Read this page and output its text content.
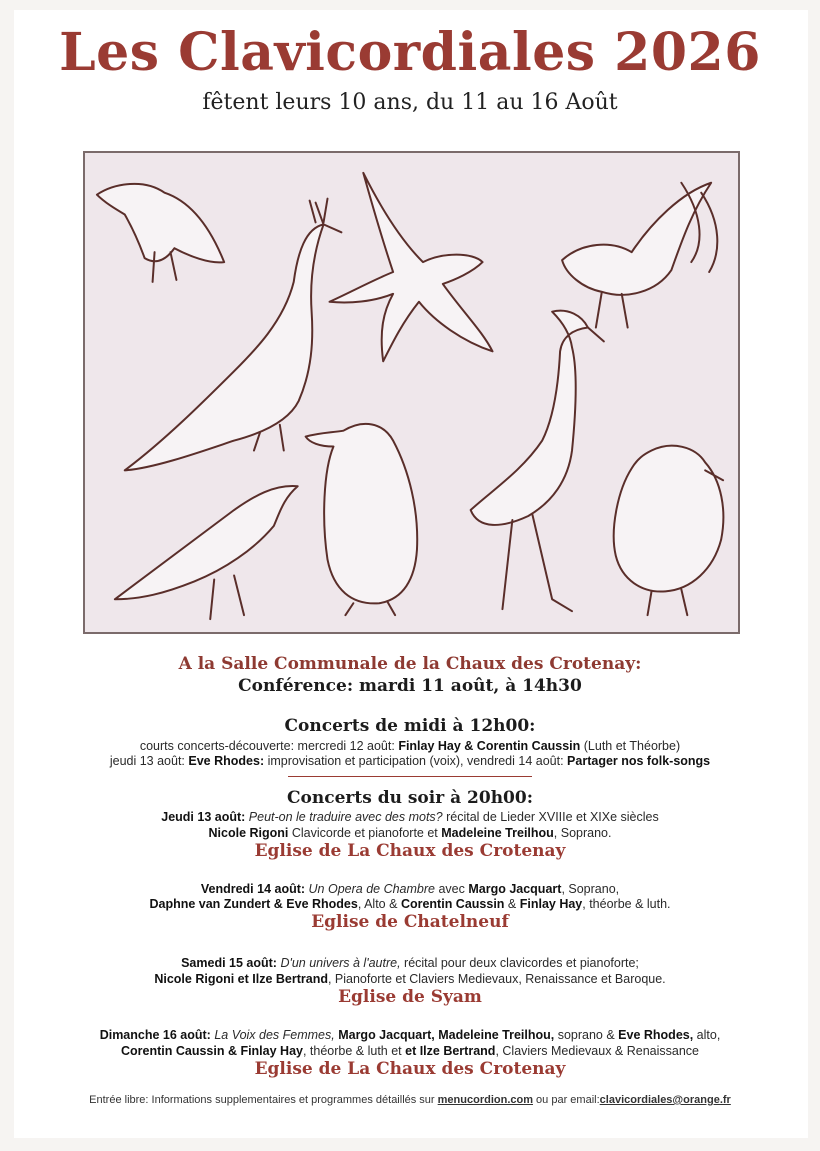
Les Clavicordiales 2026
fêtent leurs 10 ans, du 11 au 16 Août
A la Salle Communale de la Chaux des Crotenay:
Conférence: mardi 11 août, à 14h30
Concerts de midi à 12h00:
courts concerts-découverte: mercredi 12 août: Finlay Hay & Corentin Caussin (Luth et Théorbe)
jeudi 13 août: Eve Rhodes: improvisation et participation (voix), vendredi 14 août: Partager nos folk-songs
Concerts du soir à 20h00:
Jeudi 13 août: Peut-on le traduire avec des mots? récital de Lieder XVIIIe et XIXe siècles
Nicole Rigoni Clavicorde et pianoforte et Madeleine Treilhou, Soprano.
Eglise de La Chaux des Crotenay
Vendredi 14 août: Un Opera de Chambre avec Margo Jacquart, Soprano,
Daphne van Zundert & Eve Rhodes, Alto & Corentin Caussin & Finlay Hay, théorbe & luth.
Eglise de Chatelneuf
Samedi 15 août: D'un univers à l'autre, récital pour deux clavicordes et pianoforte;
Nicole Rigoni et Ilze Bertrand, Pianoforte et Claviers Medievaux, Renaissance et Baroque.
Eglise de Syam
Dimanche 16 août: La Voix des Femmes, Margo Jacquart, Madeleine Treilhou, soprano & Eve Rhodes, alto,
Corentin Caussin & Finlay Hay, théorbe & luth et et Ilze Bertrand, Claviers Medievaux & Renaissance
Eglise de La Chaux des Crotenay
Entrée libre: Informations supplementaires et programmes détaillés sur menucordion.com ou par email:clavicordiales@orange.fr
